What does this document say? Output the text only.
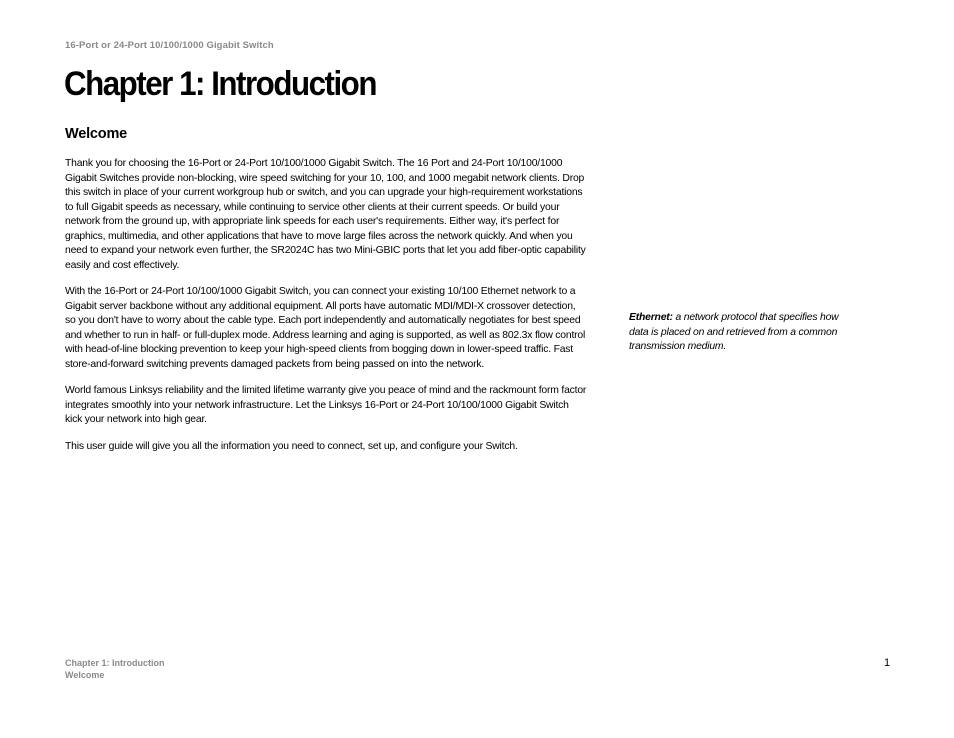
16-Port or 24-Port 10/100/1000 Gigabit Switch
Chapter 1: Introduction
Welcome

Thank you for choosing the 16-Port or 24-Port 10/100/1000 Gigabit Switch. The 16 Port and 24-Port 10/100/1000 Gigabit Switches provide non-blocking, wire speed switching for your 10, 100, and 1000 megabit network clients. Drop this switch in place of your current workgroup hub or switch, and you can upgrade your high-requirement workstations to full Gigabit speeds as necessary, while continuing to service other clients at their current speeds. Or build your network from the ground up, with appropriate link speeds for each user's requirements. Either way, it's perfect for graphics, multimedia, and other applications that have to move large files across the network quickly. And when you need to expand your network even further, the SR2024C has two Mini-GBIC ports that let you add fiber-optic capability easily and cost effectively.

With the 16-Port or 24-Port 10/100/1000 Gigabit Switch, you can connect your existing 10/100 Ethernet network to a Gigabit server backbone without any additional equipment. All ports have automatic MDI/MDI-X crossover detection, so you don't have to worry about the cable type. Each port independently and automatically negotiates for best speed and whether to run in half- or full-duplex mode. Address learning and aging is supported, as well as 802.3x flow control with head-of-line blocking prevention to keep your high-speed clients from bogging down in lower-speed traffic. Fast store-and-forward switching prevents damaged packets from being passed on into the network.

World famous Linksys reliability and the limited lifetime warranty give you peace of mind and the rackmount form factor integrates smoothly into your network infrastructure. Let the Linksys 16-Port or 24-Port 10/100/1000 Gigabit Switch kick your network into high gear.

This user guide will give you all the information you need to connect, set up, and configure your Switch.

Ethernet: a network protocol that specifies how data is placed on and retrieved from a common transmission medium.
Chapter 1: Introduction
Welcome
1
